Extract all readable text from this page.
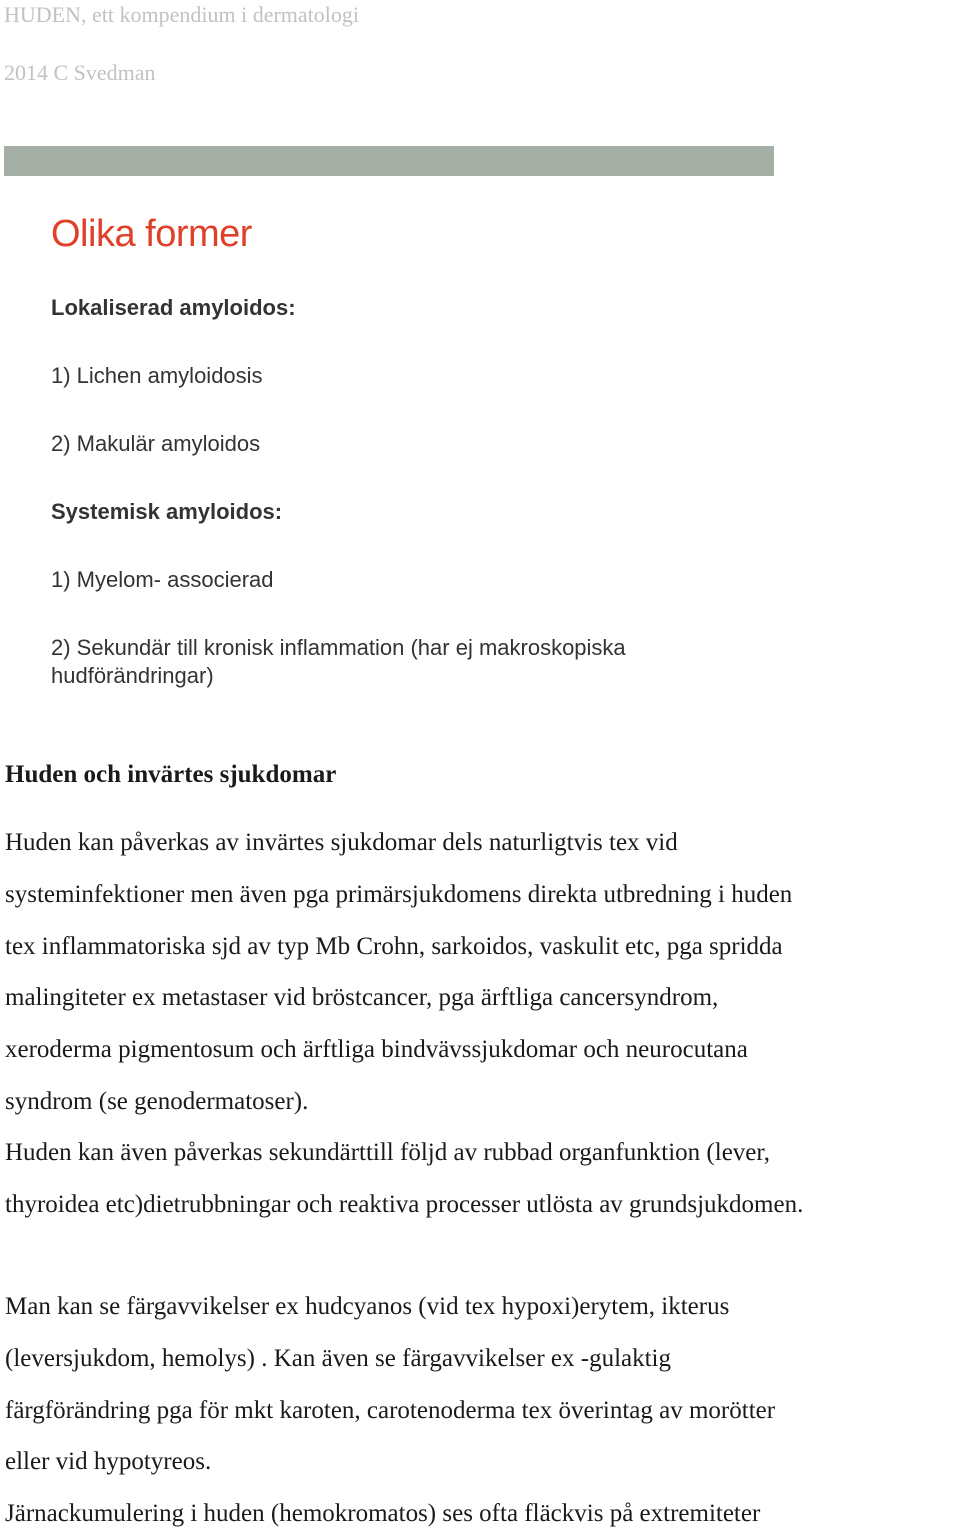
HUDEN, ett kompendium i dermatologi
2014 C Svedman
Olika former
Lokaliserad amyloidos:
1) Lichen amyloidosis
2) Makulär amyloidos
Systemisk amyloidos:
1) Myelom- associerad
2) Sekundär till kronisk inflammation (har ej makroskopiska hudförändringar)
Huden och invärtes sjukdomar
Huden kan påverkas av invärtes sjukdomar dels naturligtvis tex vid
systeminfektioner men även pga primärsjukdomens direkta utbredning i huden
tex inflammatoriska sjd av typ Mb Crohn, sarkoidos, vaskulit etc, pga spridda
malingiteter ex metastaser vid bröstcancer, pga ärftliga cancersyndrom,
xeroderma pigmentosum och ärftliga bindvävssjukdomar och neurocutana
syndrom (se genodermatoser).
Huden kan även påverkas sekundärttill följd av rubbad organfunktion (lever,
thyroidea etc)dietrubbningar och reaktiva processer utlösta av grundsjukdomen.
Man kan se färgavvikelser ex hudcyanos (vid tex hypoxi)erytem, ikterus
(leversjukdom, hemolys) . Kan även se färgavvikelser ex -gulaktig
färgförändring pga för mkt karoten, carotenoderma tex överintag av morötter
eller vid hypotyreos.
Järnackumulering i huden (hemokromatos) ses ofta fläckvis på extremiteter
